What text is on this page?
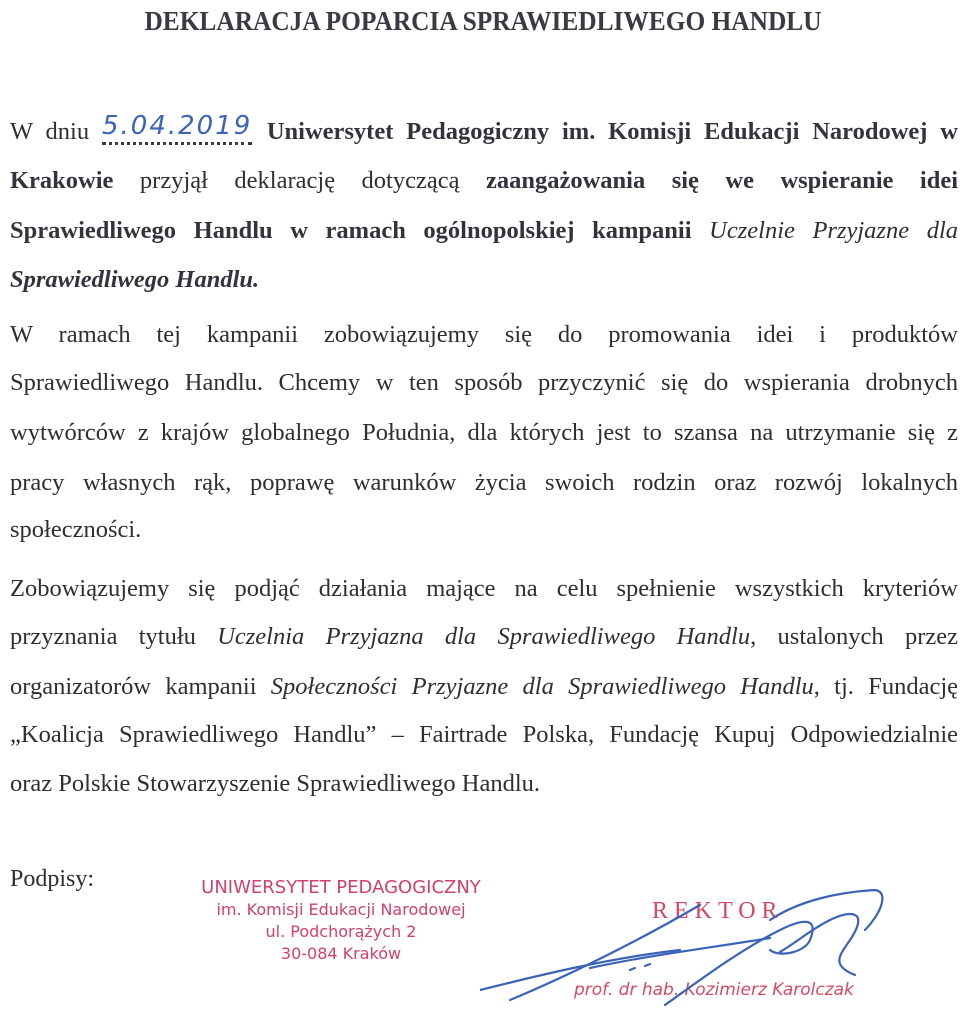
DEKLARACJA POPARCIA SPRAWIEDLIWEGO HANDLU
W dniu 5.04.2019 Uniwersytet Pedagogiczny im. Komisji Edukacji Narodowej w
Krakowie przyjął deklarację dotyczącą zaangażowania się we wspieranie idei
Sprawiedliwego Handlu w ramach ogólnopolskiej kampanii Uczelnie Przyjazne dla
Sprawiedliwego Handlu.
W ramach tej kampanii zobowiązujemy się do promowania idei i produktów
Sprawiedliwego Handlu. Chcemy w ten sposób przyczynić się do wspierania drobnych
wytwórców z krajów globalnego Południa, dla których jest to szansa na utrzymanie się z
pracy własnych rąk, poprawę warunków życia swoich rodzin oraz rozwój lokalnych
społeczności.
Zobowiązujemy się podjąć działania mające na celu spełnienie wszystkich kryteriów
przyznania tytułu Uczelnia Przyjazna dla Sprawiedliwego Handlu, ustalonych przez
organizatorów kampanii Społeczności Przyjazne dla Sprawiedliwego Handlu, tj. Fundację
„Koalicja Sprawiedliwego Handlu” – Fairtrade Polska, Fundację Kupuj Odpowiedzialnie
oraz Polskie Stowarzyszenie Sprawiedliwego Handlu.
Podpisy:	UNIWERSYTET PEDAGOGICZNY
im. Komisji Edukacji Narodowej
ul. Podchorążych 2
30-084 Kraków
REKTOR
prof. dr hab. Kozimierz Karolczak
